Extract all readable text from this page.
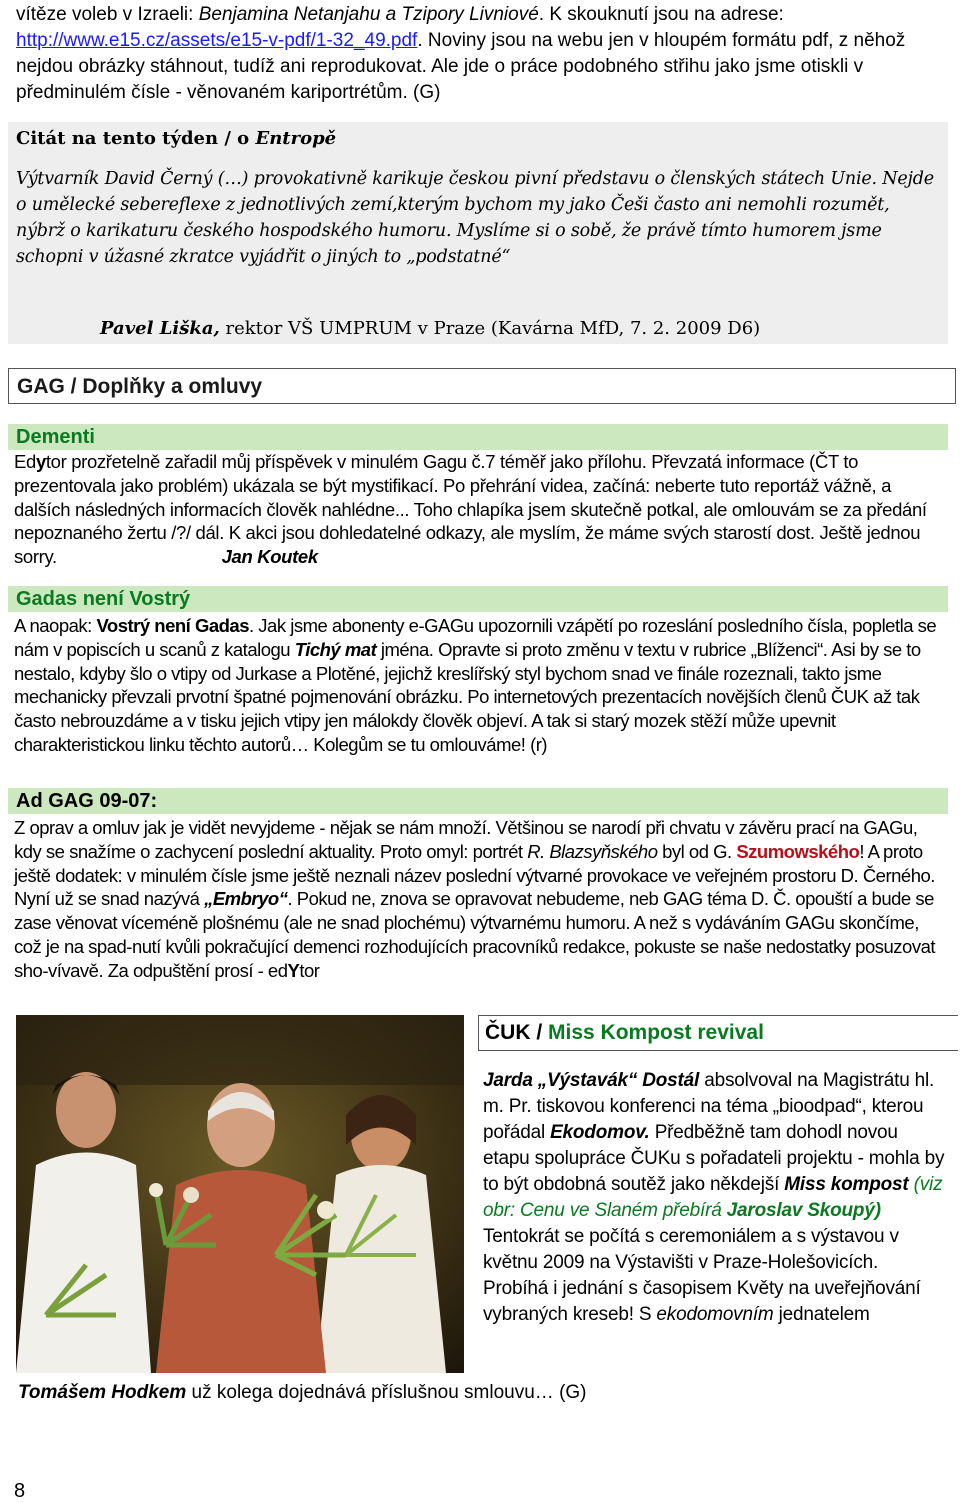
vítěze voleb v Izraeli: Benjamina Netanjahu a Tzipory Livniové. K skouknutí jsou na adrese: http://www.e15.cz/assets/e15-v-pdf/1-32_49.pdf. Noviny jsou na webu jen v hloupém formátu pdf, z něhož nejdou obrázky stáhnout, tudíž ani reprodukovat. Ale jde o práce podobného střihu jako jsme otiskli v předminulém čísle - věnovaném kariportrétům. (G)
Citát na tento týden / o Entropě
Výtvarník David Černý (…) provokativně karikuje českou pivní představu o členských státech Unie. Nejde o umělecké sebereflexe z jednotlivých zemí,kterým bychom my jako Češi často ani nemohli rozumět, nýbrž o karikaturu českého hospodského humoru. Myslíme si o sobě, že právě tímto humorem jsme schopni v úžasné zkratce vyjádřit o jiných to „podstatné“
Pavel Liška, rektor VŠ UMPRUM v Praze (Kavárna MfD, 7. 2. 2009 D6)
GAG / Doplňky a omluvy
Dementi
Edytor prozřetelně zařadil můj příspěvek v minulém Gagu č.7 téměř jako přílohu. Převzatá informace (ČT to prezentovala jako problém) ukázala se být mystifikací. Po přehrání videa, začíná: neberte tuto reportáž vážně, a dalších následných informacích člověk nahlédne... Toho chlapíka jsem skutečně potkal, ale omlouvám se za předání nepoznaného žertu /?/ dál. K akci jsou dohledatelné odkazy, ale myslím, že máme svých starostí dost. Ještě jednou sorry.	Jan Koutek
Gadas není Vostrý
A naopak: Vostrý není Gadas. Jak jsme abonenty e-GAGu upozornili vzápětí po rozeslání posledního čísla, popletla se nám v popiscích u scanů z katalogu Tichý mat jména. Opravte si proto změnu v textu v rubrice „Blíženci“. Asi by se to nestalo, kdyby šlo o vtipy od Jurkase a Plotěné, jejichž kreslířský styl bychom snad ve finále rozeznali, takto jsme mechanicky převzali prvotní špatné pojmenování obrázku. Po internetových prezentacích novějších členů ČUK až tak často nebrouzdáme a v tisku jejich vtipy jen málokdy člověk objeví. A tak si starý mozek stěží může upevnit charakteristickou linku těchto autorů… Kolegům se tu omlouváme! (r)
Ad GAG 09-07:
Z oprav a omluv jak je vidět nevyjdeme - nějak se nám množí. Většinou se narodí při chvatu v závěru prací na GAGu, kdy se snažíme o zachycení poslední aktuality. Proto omyl: portrét R. Blazsyňského byl od G. Szumowského! A proto ještě dodatek: v minulém čísle jsme ještě neznali název poslední výtvarné provokace ve veřejném prostoru D. Černého. Nyní už se snad nazývá „Embryo“. Pokud ne, znova se opravovat nebudeme, neb GAG téma D. Č. opouští a bude se zase věnovat víceméně plošnému (ale ne snad plochému) výtvarnému humoru. A než s vydáváním GAGu skončíme, což je na spad-nutí kvůli pokračující demenci rozhodujících pracovníků redakce, pokuste se naše nedostatky posuzovat sho-vívavě. Za odpuštění prosí - edYtor
ČUK / Miss Kompost revival
Jarda „Výstavák“ Dostál absolvoval na Magistrátu hl. m. Pr. tiskovou konferenci na téma „bioodpad“, kterou pořádal Ekodomov. Předběžně tam dohodl novou etapu spolupráce ČUKu s pořadateli projektu - mohla by to být obdobná soutěž jako někdejší Miss kompost (viz obr: Cenu ve Slaném přebírá Jaroslav Skoupý) Tentokrát se počítá s ceremoniálem a s výstavou v květnu 2009 na Výstavišti v Praze-Holešovicích. Probíhá i jednání s časopisem Květy na uveřejňování vybraných kreseb! S ekodomovním jednatelem
Tomášem Hodkem už kolega dojednává příslušnou smlouvu… (G)
8
